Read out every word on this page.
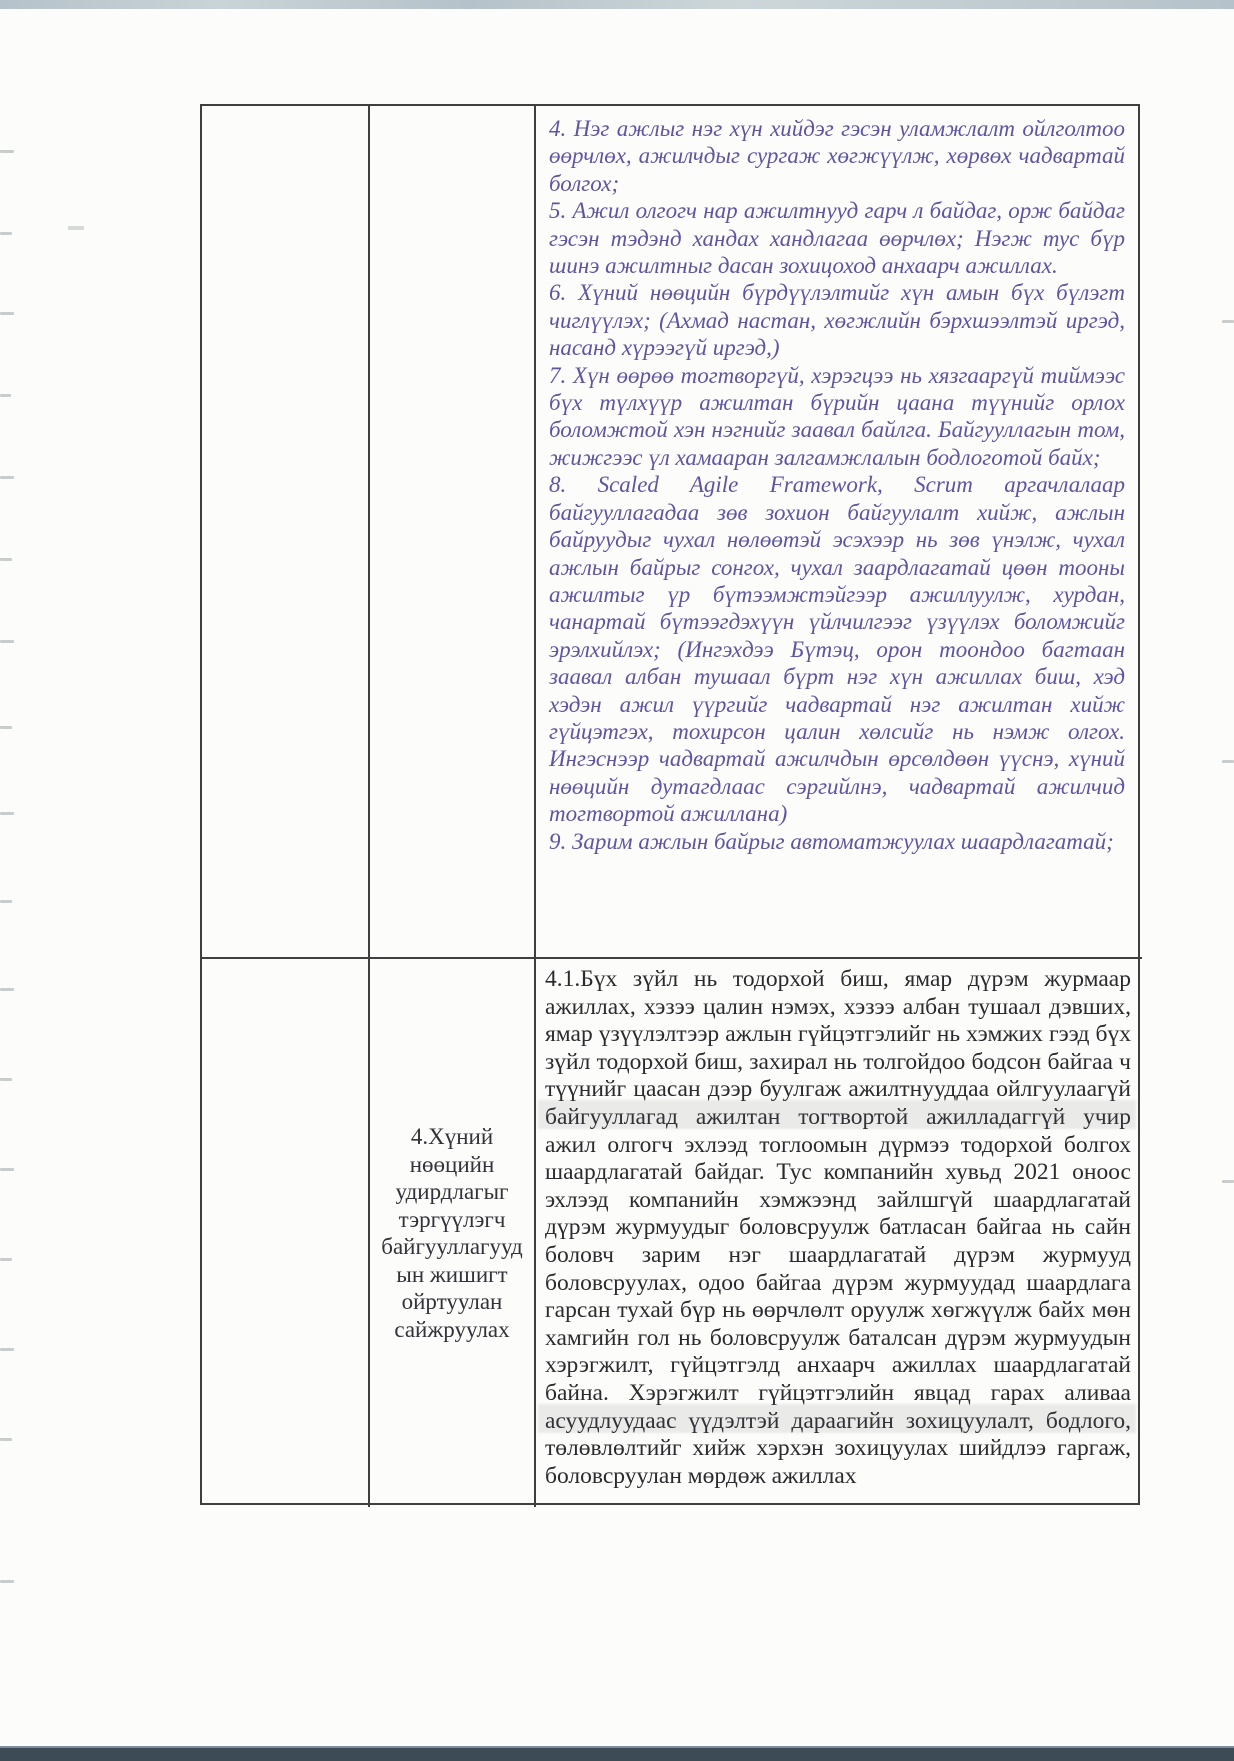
4. Нэг ажлыг нэг хүн хийдэг гэсэн уламжлалт ойлголтоо өөрчлөх, ажилчдыг сургаж хөгжүүлж, хөрвөх чадвартай болгох;

5. Ажил олгогч нар ажилтнууд гарч л байдаг, орж байдаг гэсэн тэдэнд хандах хандлагаа өөрчлөх; Нэгж тус бүр шинэ ажилтныг дасан зохицоход анхаарч ажиллах.

6. Хүний нөөцийн бүрдүүлэлтийг хүн амын бүх бүлэгт чиглүүлэх; (Ахмад настан, хөгжлийн бэрхшээлтэй иргэд, насанд хүрээгүй иргэд,)

7. Хүн өөрөө тогтворгүй, хэрэгцээ нь хязгааргүй тиймээс бүх түлхүүр ажилтан бүрийн цаана түүнийг орлох боломжтой хэн нэгнийг заавал байлга. Байгууллагын том, жижгээс үл хамааран залгамжлалын бодлоготой байх;

8. Scaled Agile Framework, Scrum аргачлалаар байгууллагадаа зөв зохион байгуулалт хийж, ажлын байруудыг чухал нөлөөтэй эсэхээр нь зөв үнэлж, чухал ажлын байрыг сонгох, чухал заардлагатай цөөн тооны ажилтыг үр бүтээмжтэйгээр ажиллуулж, хурдан, чанартай бүтээгдэхүүн үйлчилгээг үзүүлэх боломжийг эрэлхийлэх; (Ингэхдээ Бүтэц, орон тоондоо багтаан заавал албан тушаал бүрт нэг хүн ажиллах биш, хэд хэдэн ажил үүргийг чадвартай нэг ажилтан хийж гүйцэтгэх, тохирсон цалин хөлсийг нь нэмж олгох. Ингэснээр чадвартай ажилчдын өрсөлдөөн үүснэ, хүний нөөцийн дутагдлаас сэргийлнэ, чадвартай ажилчид тогтвортой ажиллана)

9. Зарим ажлын байрыг автоматжуулах шаардлагатай;

4.Хүний нөөцийн удирдлагыг тэргүүлэгч байгууллагууд ын жишигт ойртуулан сайжруулах

4.1.Бүх зүйл нь тодорхой биш, ямар дүрэм журмаар ажиллах, хэзээ цалин нэмэх, хэзээ албан тушаал дэвших, ямар үзүүлэлтээр ажлын гүйцэтгэлийг нь хэмжих гээд бүх зүйл тодорхой биш, захирал нь толгойдоо бодсон байгаа ч түүнийг цаасан дээр буулгаж ажилтнууддаа ойлгуулаагүй байгууллагад ажилтан тогтвортой ажилладаггүй учир ажил олгогч эхлээд тоглоомын дүрмээ тодорхой болгох шаардлагатай байдаг. Тус компанийн хувьд 2021 оноос эхлээд компанийн хэмжээнд зайлшгүй шаардлагатай дүрэм журмуудыг боловсруулж батласан байгаа нь сайн боловч зарим нэг шаардлагатай дүрэм журмууд боловсруулах, одоо байгаа дүрэм журмуудад шаардлага гарсан тухай бүр нь өөрчлөлт оруулж хөгжүүлж байх мөн хамгийн гол нь боловсруулж баталсан дүрэм журмуудын хэрэгжилт, гүйцэтгэлд анхаарч ажиллах шаардлагатай байна. Хэрэгжилт гүйцэтгэлийн явцад гарах аливаа асуудлуудаас үүдэлтэй дараагийн зохицуулалт, бодлого, төлөвлөлтийг хийж хэрхэн зохицуулах шийдлээ гаргаж, боловсруулан мөрдөж ажиллах
